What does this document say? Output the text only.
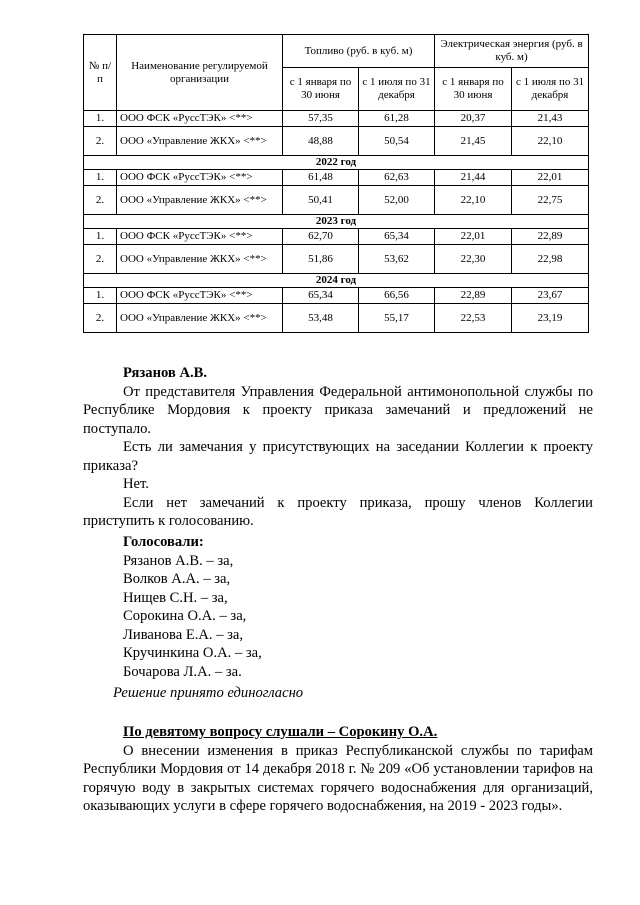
№ п/п	Наименование регулируемой организации	Топливо (руб. в куб. м)		Электрическая энергия (руб. в куб. м)	
		с 1 января по 30 июня	с 1 июля по 31 декабря	с 1 января по 30 июня	с 1 июля по 31 декабря
1.	ООО ФСК «РуссТЭК» <**>	57,35	61,28	20,37	21,43
2.	ООО «Управление ЖКХ» <**>	48,88	50,54	21,45	22,10
2022 год					
1.	ООО ФСК «РуссТЭК» <**>	61,48	62,63	21,44	22,01
2.	ООО «Управление ЖКХ» <**>	50,41	52,00	22,10	22,75
2023 год					
1.	ООО ФСК «РуссТЭК» <**>	62,70	65,34	22,01	22,89
2.	ООО «Управление ЖКХ» <**>	51,86	53,62	22,30	22,98
2024 год					
1.	ООО ФСК «РуссТЭК» <**>	65,34	66,56	22,89	23,67
2.	ООО «Управление ЖКХ» <**>	53,48	55,17	22,53	23,19

Рязанов А.В.

От представителя Управления Федеральной антимонопольной службы по Республике Мордовия к проекту приказа замечаний и предложений не поступало.

Есть ли замечания у присутствующих на заседании Коллегии к проекту приказа?

Нет.

Если нет замечаний к проекту приказа, прошу членов Коллегии приступить к голосованию.

Голосовали:

Рязанов А.В. – за,

Волков А.А. – за,

Нищев С.Н. – за,

Сорокина О.А. – за,

Ливанова Е.А. – за,

Кручинкина О.А. – за,

Бочарова Л.А. – за.

Решение принято единогласно

По девятому вопросу слушали – Сорокину О.А.

О внесении изменения в приказ Республиканской службы по тарифам Республики Мордовия от 14 декабря 2018 г. № 209 «Об установлении тарифов на горячую воду в закрытых системах горячего водоснабжения для организаций, оказывающих услуги в сфере горячего водоснабжения, на 2019 - 2023 годы».
